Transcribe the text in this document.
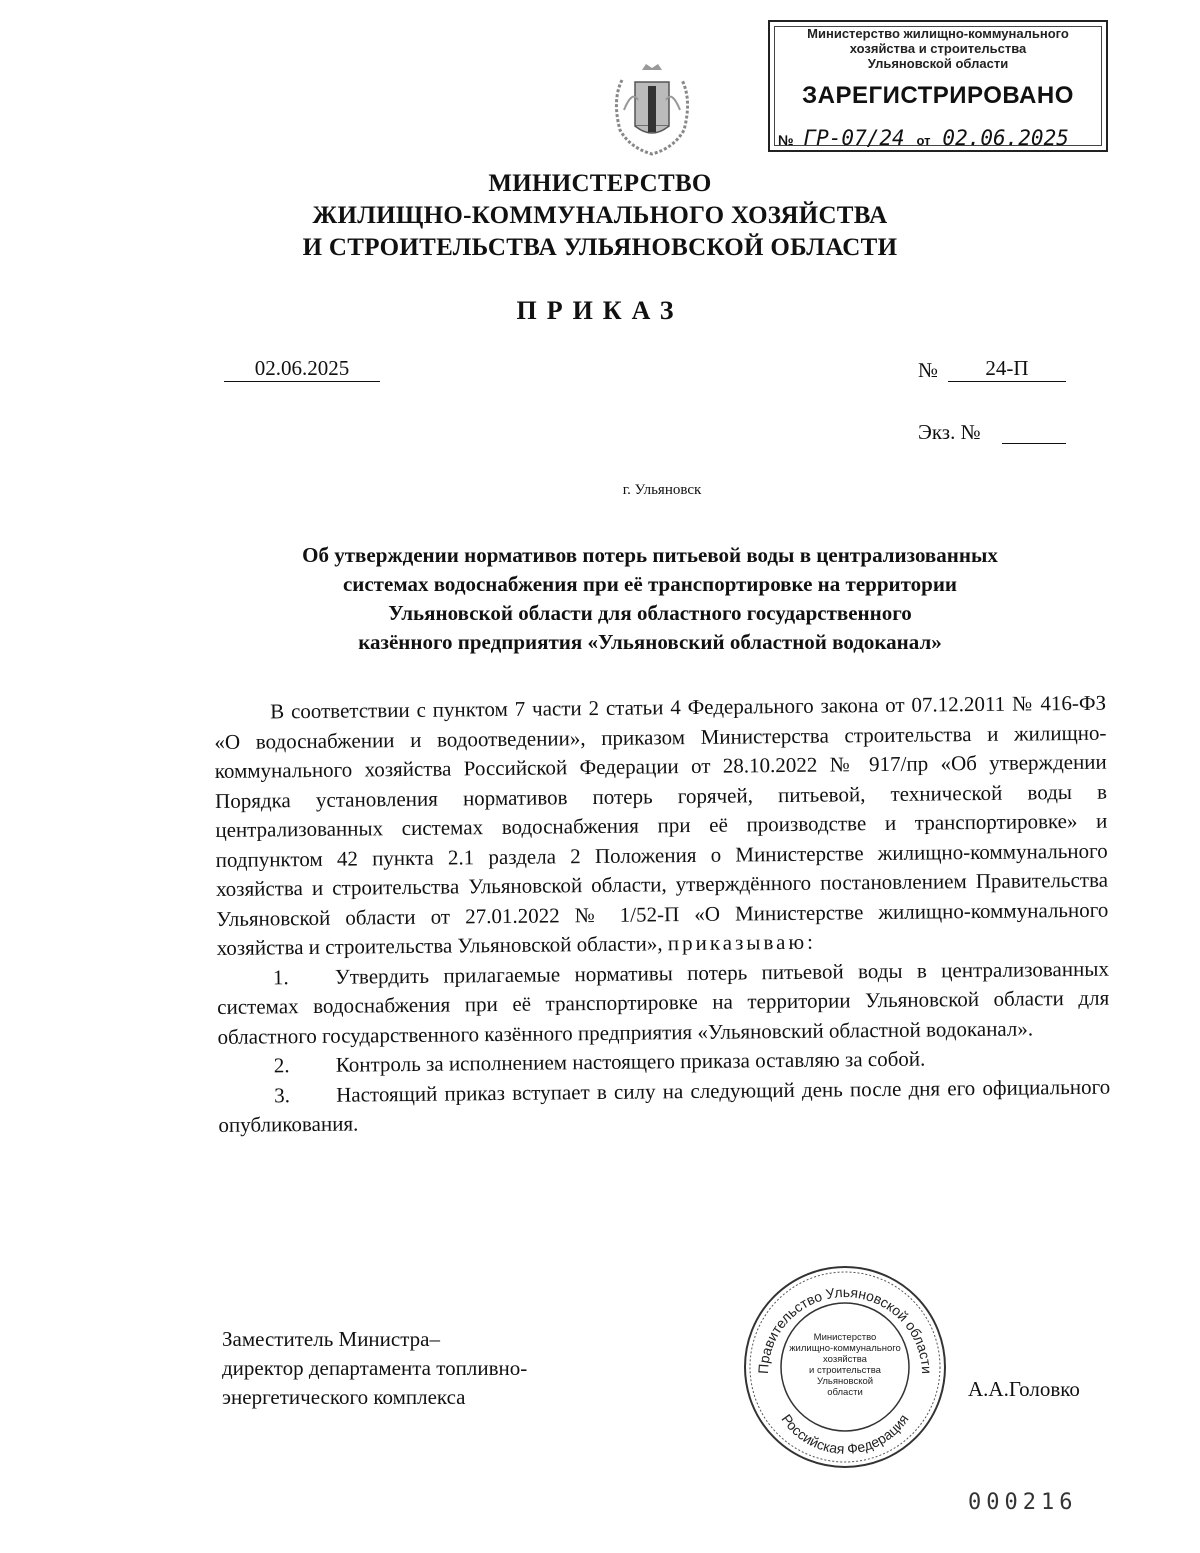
Министерство жилищно-коммунального
хозяйства и строительства
Ульяновской области
ЗАРЕГИСТРИРОВАНО
№ ГР-07/24 от 02.06.2025
МИНИСТЕРСТВО
ЖИЛИЩНО-КОММУНАЛЬНОГО ХОЗЯЙСТВА
И СТРОИТЕЛЬСТВА УЛЬЯНОВСКОЙ ОБЛАСТИ
ПРИКАЗ
02.06.2025	№	24-П
Экз. №
г. Ульяновск
Об утверждении нормативов потерь питьевой воды в централизованных
системах водоснабжения при её транспортировке на территории
Ульяновской области для областного государственного
казённого предприятия «Ульяновский областной водоканал»

В соответствии с пунктом 7 части 2 статьи 4 Федерального закона от 07.12.2011 № 416-ФЗ «О водоснабжении и водоотведении», приказом Министерства строительства и жилищно-коммунального хозяйства Российской Федерации от 28.10.2022 № 917/пр «Об утверждении Порядка установления нормативов потерь горячей, питьевой, технической воды в централизованных системах водоснабжения при её производстве и транспортировке» и подпунктом 42 пункта 2.1 раздела 2 Положения о Министерстве жилищно-коммунального хозяйства и строительства Ульяновской области, утверждённого постановлением Правительства Ульяновской области от 27.01.2022 № 1/52-П «О Министерстве жилищно-коммунального хозяйства и строительства Ульяновской области», приказываю:

1. Утвердить прилагаемые нормативы потерь питьевой воды в централизованных системах водоснабжения при её транспортировке на территории Ульяновской области для областного государственного казённого предприятия «Ульяновский областной водоканал».

2. Контроль за исполнением настоящего приказа оставляю за собой.

3. Настоящий приказ вступает в силу на следующий день после дня его официального опубликования.

Заместитель Министра–
директор департамента топливно-
энергетического комплекса	А.А.Головко
Правительство Ульяновской области
Российская Федерация
Министерство
жилищно-коммунального
хозяйства
и строительства
Ульяновской
области
000216
